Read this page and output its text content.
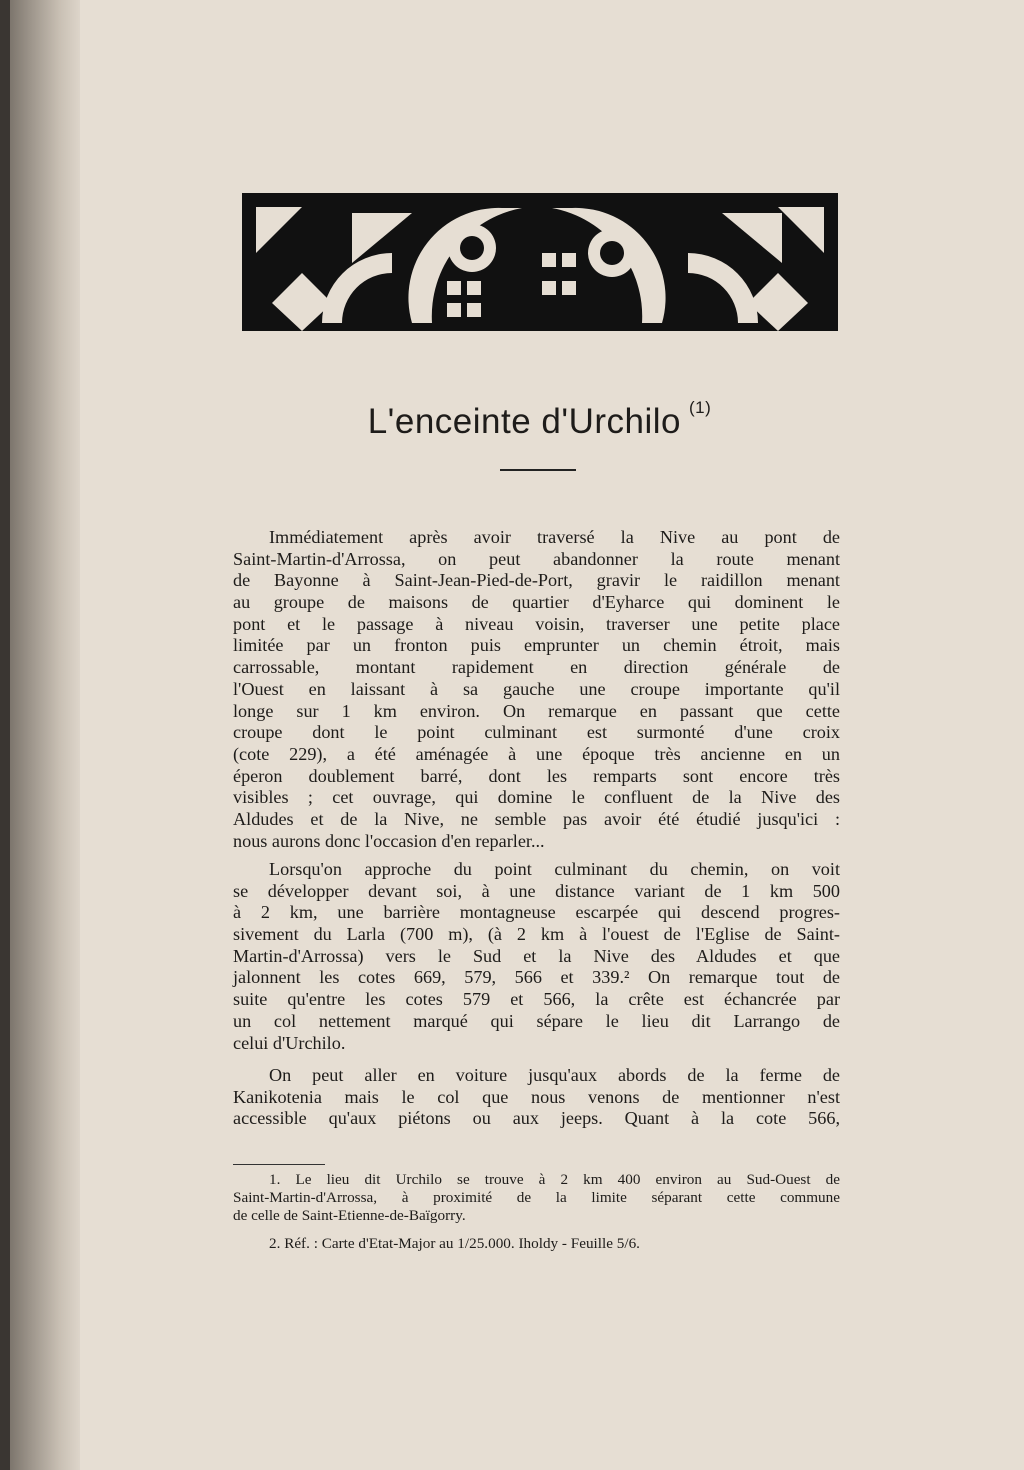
L'enceinte d'Urchilo $^{(1)}$
Immédiatement après avoir traversé la Nive au pont de
Saint-Martin-d'Arrossa, on peut abandonner la route menant
de Bayonne à Saint-Jean-Pied-de-Port, gravir le raidillon menant
au groupe de maisons de quartier d'Eyharce qui dominent le
pont et le passage à niveau voisin, traverser une petite place
limitée par un fronton puis emprunter un chemin étroit, mais
carrossable, montant rapidement en direction générale de
l'Ouest en laissant à sa gauche une croupe importante qu'il
longe sur 1 km environ. On remarque en passant que cette
croupe dont le point culminant est surmonté d'une croix
(cote 229), a été aménagée à une époque très ancienne en un
éperon doublement barré, dont les remparts sont encore très
visibles ; cet ouvrage, qui domine le confluent de la Nive des
Aldudes et de la Nive, ne semble pas avoir été étudié jusqu'ici :
nous aurons donc l'occasion d'en reparler...
Lorsqu'on approche du point culminant du chemin, on voit
se développer devant soi, à une distance variant de 1 km 500
à 2 km, une barrière montagneuse escarpée qui descend progres-
sivement du Larla (700 m), (à 2 km à l'ouest de l'Eglise de Saint-
Martin-d'Arrossa) vers le Sud et la Nive des Aldudes et que
jalonnent les cotes 669, 579, 566 et 339.² On remarque tout de
suite qu'entre les cotes 579 et 566, la crête est échancrée par
un col nettement marqué qui sépare le lieu dit Larrango de
celui d'Urchilo.
On peut aller en voiture jusqu'aux abords de la ferme de
Kanikotenia mais le col que nous venons de mentionner n'est
accessible qu'aux piétons ou aux jeeps. Quant à la cote 566,
1. Le lieu dit Urchilo se trouve à 2 km 400 environ au Sud-Ouest de
Saint-Martin-d'Arrossa, à proximité de la limite séparant cette commune
de celle de Saint-Etienne-de-Baïgorry.
2. Réf. : Carte d'Etat-Major au 1/25.000. Iholdy - Feuille 5/6.
